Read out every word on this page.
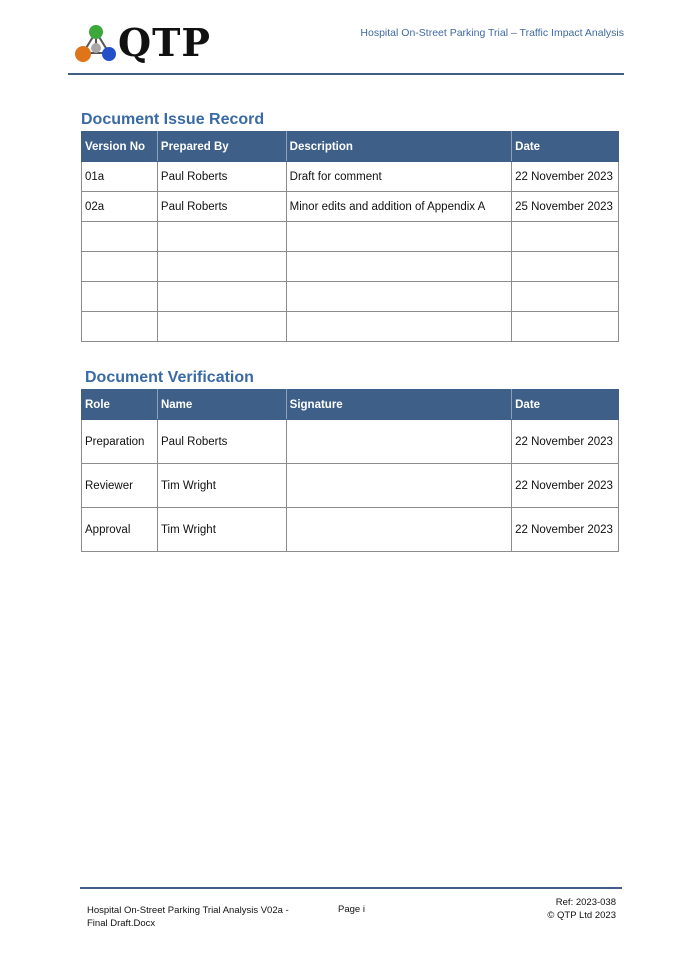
QTP	Hospital On-Street Parking Trial – Traffic Impact Analysis
Document Issue Record
Version No	Prepared By	Description	Date
01a	Paul Roberts	Draft for comment	22 November 2023
02a	Paul Roberts	Minor edits and addition of Appendix A	25 November 2023

Document Verification
Role	Name	Signature	Date
Preparation	Paul Roberts		22 November 2023
Reviewer	Tim Wright		22 November 2023
Approval	Tim Wright		22 November 2023
Hospital On-Street Parking Trial Analysis V02a - Final Draft.Docx
Page i
Ref: 2023-038
© QTP Ltd 2023
